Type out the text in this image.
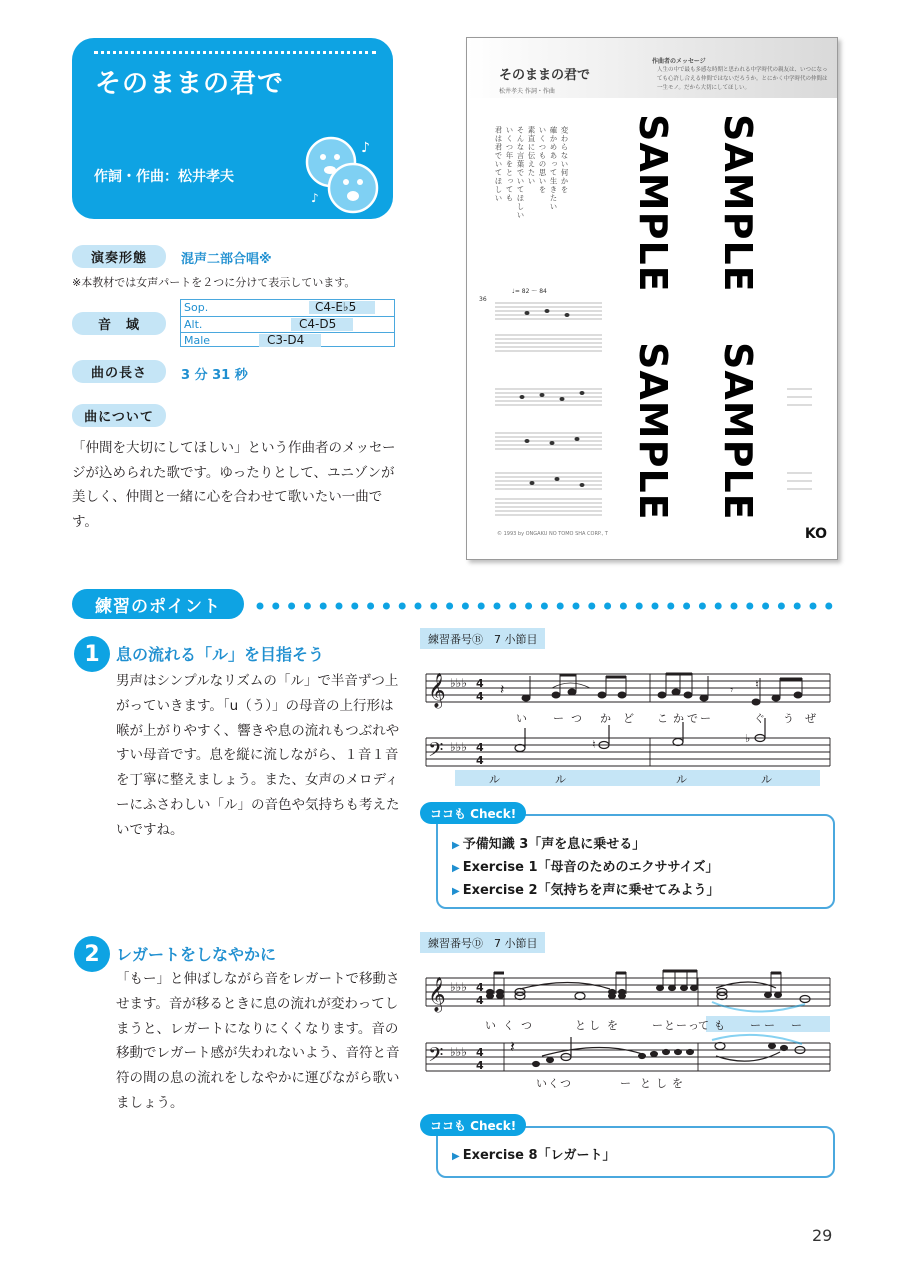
そのままの君で
作詞・作曲：松井孝夫
♪
♪
演奏形態	混声二部合唱※
※本教材では女声パートを２つに分けて表示しています。
音　域
Sop.	C4-E♭5
Alt.	C4-D5
Male	C3-D4
曲の長さ	3 分 31 秒
曲について
「仲間を大切にしてほしい」という作曲者のメッセージが込められた歌です。ゆったりとして、ユニゾンが美しく、仲間と一緒に心を合わせて歌いたい一曲です。
そのままの君で
松井孝夫 作詞・作曲
作曲者のメッセージ
人生の中で最も多感な時期と思われる中学時代の親友は、いつになっても心許し合える仲間ではないだろうか。とにかく中学時代の仲間は一生モノ。だから大切にしてほしい。
変わらない何かを
確かめあって生きたい
いくつもの思いを
素直に伝えたい
そんな言葉でいてほしい
いくつ年をとっても
君は君でいてほしい
♩= 82 〜 84
36
SAMPLE SAMPLE
SAMPLE SAMPLE
© 1993 by ONGAKU NO TOMO SHA CORP., T	KO
練習のポイント
1	息の流れる「ル」を目指そう
男声はシンプルなリズムの「ル」で半音ずつ上がっていきます。「u（う）」の母音の上行形は喉が上がりやすく、響きや息の流れもつぶれやすい母音です。息を縦に流しながら、１音１音を丁寧に整えましょう。また、女声のメロディーにふさわしい「ル」の音色や気持ちも考えたいですね。
練習番号Ⓑ　7 小節目
𝄞
𝄢
♭♭♭
♭♭♭
4
4
4
4
𝄽	𝄾
♮	♭
♮
い ー つ か ど こ か で ー	ぐ う ぜ
ル	ル	ル	ル
▶ 予備知識 3「声を息に乗せる」
▶ Exercise 1「母音のためのエクササイズ」
▶ Exercise 2「気持ちを声に乗せてみよう」
ココも Check!
2	レガートをしなやかに
「もー」と伸ばしながら音をレガートで移動させます。音が移るときに息の流れが変わってしまうと、レガートになりにくくなります。音の移動でレガート感が失われないよう、音符と音符の間の息の流れをしなやかに運びながら歌いましょう。
練習番号Ⓓ　7 小節目
𝄞
𝄢
♭♭♭
♭♭♭
4
4
4
4
𝄽
い く つ	と し を	ー と ー っ て も ー ー ー
い く つ	ー と し を
▶ Exercise 8「レガート」
ココも Check!
29
